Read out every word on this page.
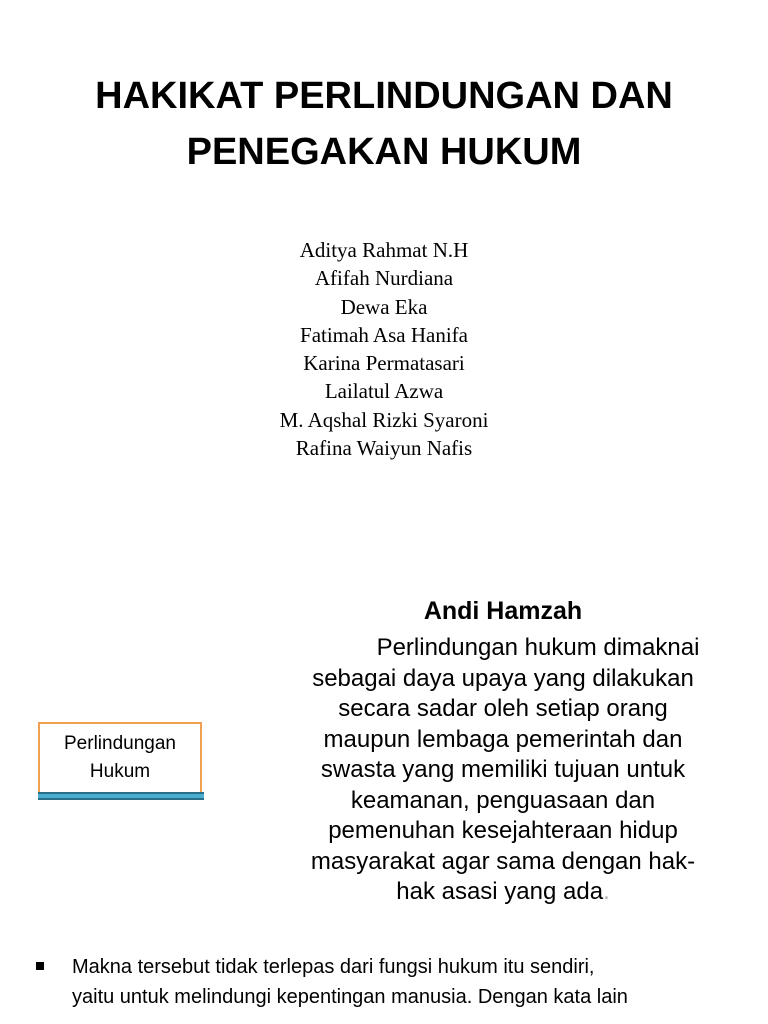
HAKIKAT PERLINDUNGAN DAN
PENEGAKAN HUKUM
Aditya Rahmat N.H
Afifah Nurdiana
Dewa Eka
Fatimah Asa Hanifa
Karina Permatasari
Lailatul Azwa
M. Aqshal Rizki Syaroni
Rafina Waiyun Nafis
Perlindungan
Hukum
Andi Hamzah

Perlindungan hukum dimaknai
sebagai daya upaya yang dilakukan
secara sadar oleh setiap orang
maupun lembaga pemerintah dan
swasta yang memiliki tujuan untuk
keamanan, penguasaan dan
pemenuhan kesejahteraan hidup
masyarakat agar sama dengan hak-
hak asasi yang ada.

Makna tersebut tidak terlepas dari fungsi hukum itu sendiri,
yaitu untuk melindungi kepentingan manusia. Dengan kata lain
